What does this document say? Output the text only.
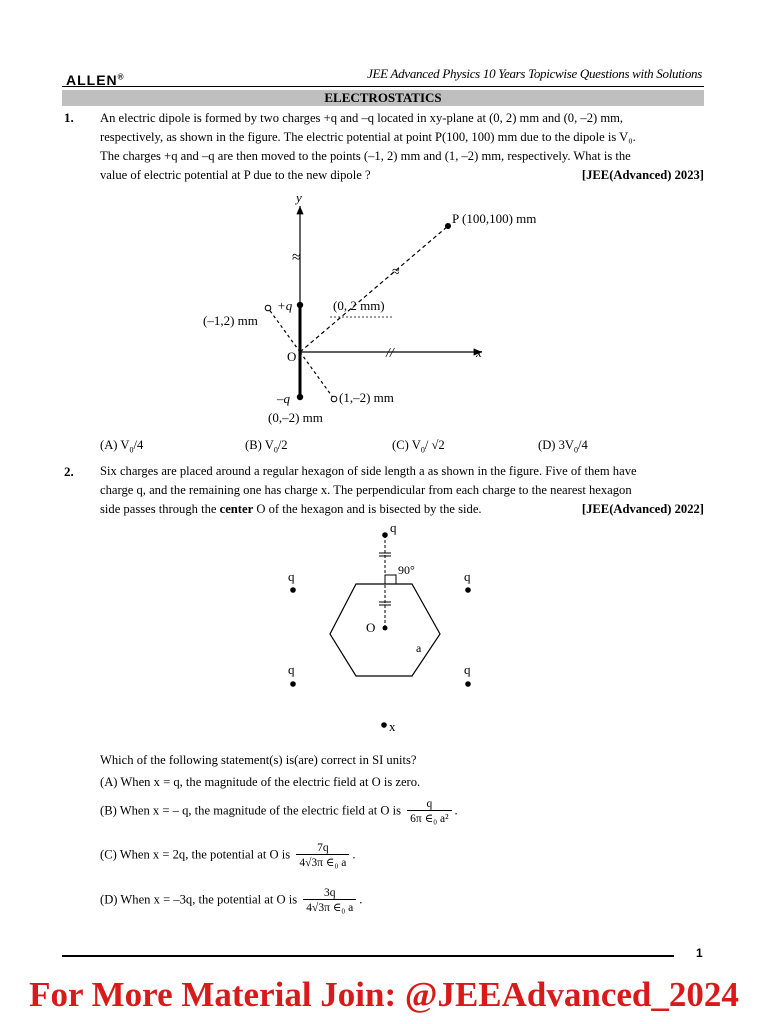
ALLEN®	JEE Advanced Physics 10 Years Topicwise Questions with Solutions
ELECTROSTATICS
1. An electric dipole is formed by two charges +q and –q located in xy-plane at (0, 2) mm and (0, –2) mm,
respectively, as shown in the figure. The electric potential at point P(100, 100) mm due to the dipole is V₀.
The charges +q and –q are then moved to the points (–1, 2) mm and (1, –2) mm, respectively. What is the
value of electric potential at P due to the new dipole ?	[JEE(Advanced) 2023]
≈
//
≈
y
x
O
P (100,100) mm
+q
–q
(0, 2 mm)
(0,–2) mm
(–1,2) mm
(1,–2) mm
(A) $V_0/4$	(B) $V_0/2$	(C) $V_0/$ √2	(D) $3V_0/4$
2. Six charges are placed around a regular hexagon of side length a as shown in the figure. Five of them have
charge q, and the remaining one has charge x. The perpendicular from each charge to the nearest hexagon
side passes through the center O of the hexagon and is bisected by the side.	[JEE(Advanced) 2022]
q
q	q
q	q
x
O
a
90°
Which of the following statement(s) is(are) correct in SI units?
(A) When x = q, the magnitude of the electric field at O is zero.
(B) When x = – q, the magnitude of the electric field at O is $\frac{q}{\text{6π ∈₀ a²}}$ .
(C) When x = 2q, the potential at O is $\frac{7q}{\text{4√3π ∈₀ a}}$ .
(D) When x = –3q, the potential at O is $\frac{3q}{\text{4√3π ∈₀ a}}$ .
1
For More Material Join: @JEEAdvanced_2024
